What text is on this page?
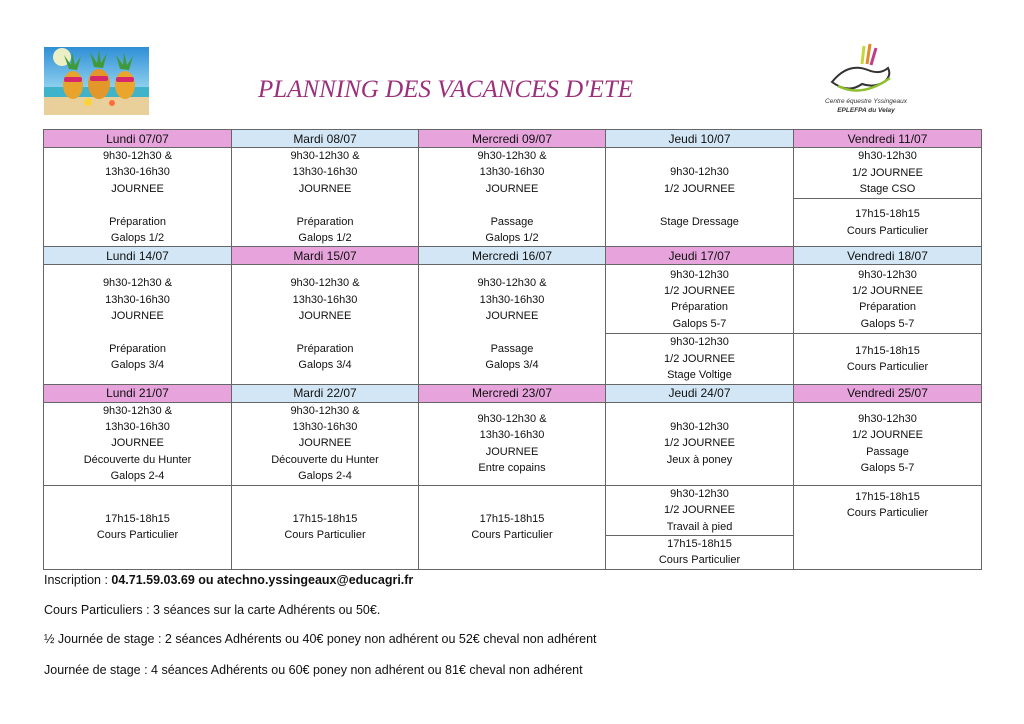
PLANNING DES VACANCES D'ETE	Centre équestre Yssingeaux
EPLEFPA du Velay
Lundi 07/07	Mardi 08/07	Mercredi 09/07	Jeudi 10/07	Vendredi 11/07
9h30-12h30 &
13h30-16h30
JOURNEE

Préparation
Galops 1/2	9h30-12h30 &
13h30-16h30
JOURNEE

Préparation
Galops 1/2	9h30-12h30 &
13h30-16h30
JOURNEE

Passage
Galops 1/2	9h30-12h30
1/2 JOURNEE

Stage Dressage	9h30-12h30
1/2 JOURNEE
Stage CSO
				17h15-18h15
Cours Particulier
Lundi 14/07	Mardi 15/07	Mercredi 16/07	Jeudi 17/07	Vendredi 18/07
9h30-12h30 &
13h30-16h30
JOURNEE

Préparation
Galops 3/4	9h30-12h30 &
13h30-16h30
JOURNEE

Préparation
Galops 3/4	9h30-12h30 &
13h30-16h30
JOURNEE

Passage
Galops 3/4	9h30-12h30
1/2 JOURNEE
Préparation
Galops 5-7	9h30-12h30
1/2 JOURNEE
Préparation
Galops 5-7
			9h30-12h30
1/2 JOURNEE
Stage Voltige	17h15-18h15
Cours Particulier
Lundi 21/07	Mardi 22/07	Mercredi 23/07	Jeudi 24/07	Vendredi 25/07
9h30-12h30 &
13h30-16h30
JOURNEE
Découverte du Hunter
Galops 2-4	9h30-12h30 &
13h30-16h30
JOURNEE
Découverte du Hunter
Galops 2-4	9h30-12h30 &
13h30-16h30
JOURNEE
Entre copains	9h30-12h30
1/2 JOURNEE
Jeux à poney	9h30-12h30
1/2 JOURNEE
Passage
Galops 5-7
17h15-18h15
Cours Particulier	17h15-18h15
Cours Particulier	17h15-18h15
Cours Particulier	9h30-12h30
1/2 JOURNEE
Travail à pied	
				17h15-18h15
Cours Particulier
			17h15-18h15
Cours Particulier	
Inscription : 04.71.59.03.69 ou atechno.yssingeaux@educagri.fr
Cours Particuliers : 3 séances sur la carte Adhérents ou 50€.
½ Journée de stage : 2 séances Adhérents ou 40€ poney non adhérent ou 52€ cheval non adhérent
Journée de stage : 4 séances Adhérents ou 60€ poney non adhérent ou 81€ cheval non adhérent
